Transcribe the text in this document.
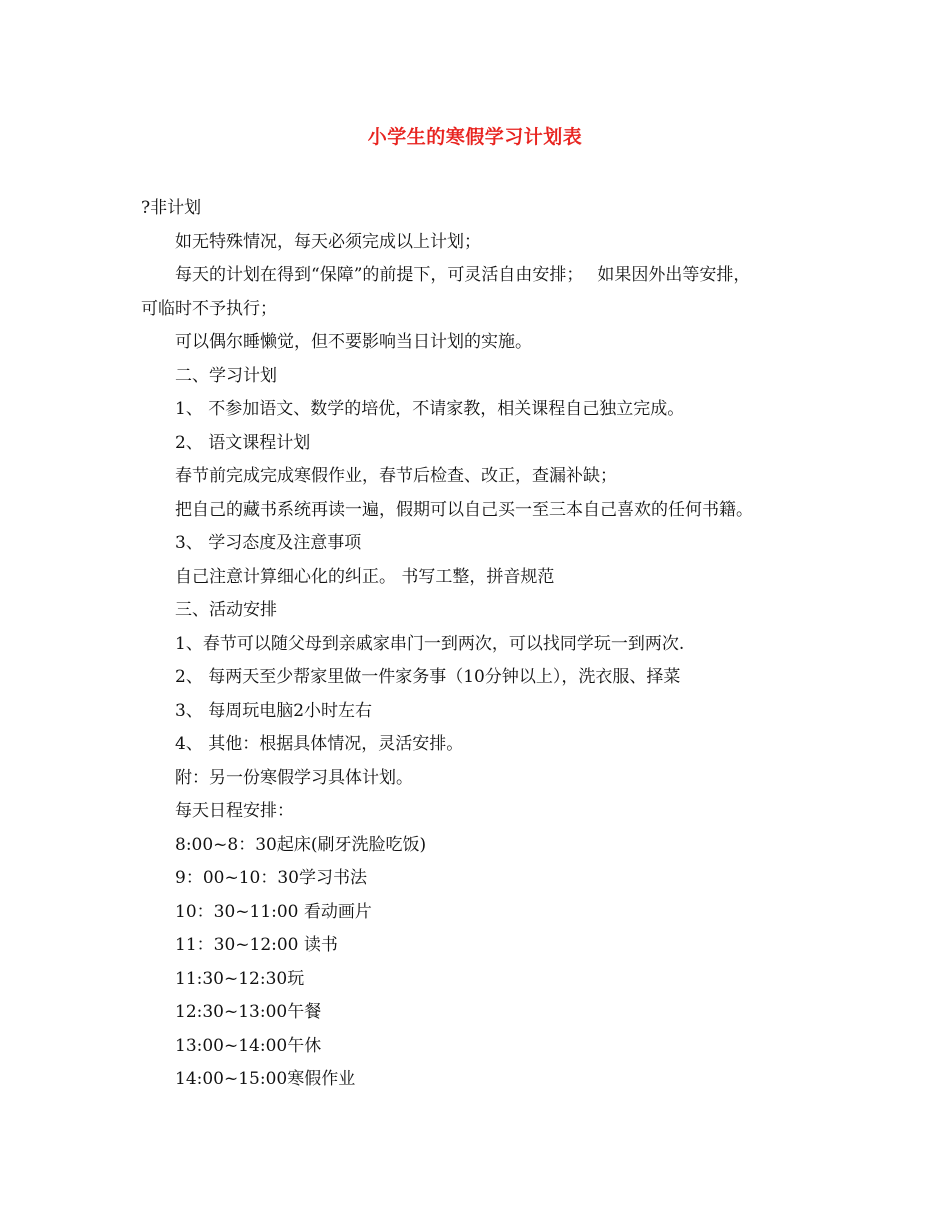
小学生的寒假学习计划表
?非计划
如无特殊情况，每天必须完成以上计划；
每天的计划在得到“保障”的前提下，可灵活自由安排； 如果因外出等安排，
可临时不予执行；
可以偶尔睡懒觉，但不要影响当日计划的实施。
二、学习计划
1、 不参加语文、数学的培优，不请家教，相关课程自己独立完成。
2、 语文课程计划
春节前完成完成寒假作业，春节后检查、改正，查漏补缺；
把自己的藏书系统再读一遍，假期可以自己买一至三本自己喜欢的任何书籍。
3、 学习态度及注意事项
自己注意计算细心化的纠正。 书写工整，拼音规范
三、活动安排
1、春节可以随父母到亲戚家串门一到两次，可以找同学玩一到两次.
2、 每两天至少帮家里做一件家务事（10分钟以上），洗衣服、择菜
3、 每周玩电脑2小时左右
4、 其他：根据具体情况，灵活安排。
附：另一份寒假学习具体计划。
每天日程安排：
8:00~8：30起床(刷牙洗脸吃饭)
9：00~10：30学习书法
10：30~11:00 看动画片
11：30~12:00 读书
11:30~12:30玩
12:30~13:00午餐
13:00~14:00午休
14:00~15:00寒假作业
